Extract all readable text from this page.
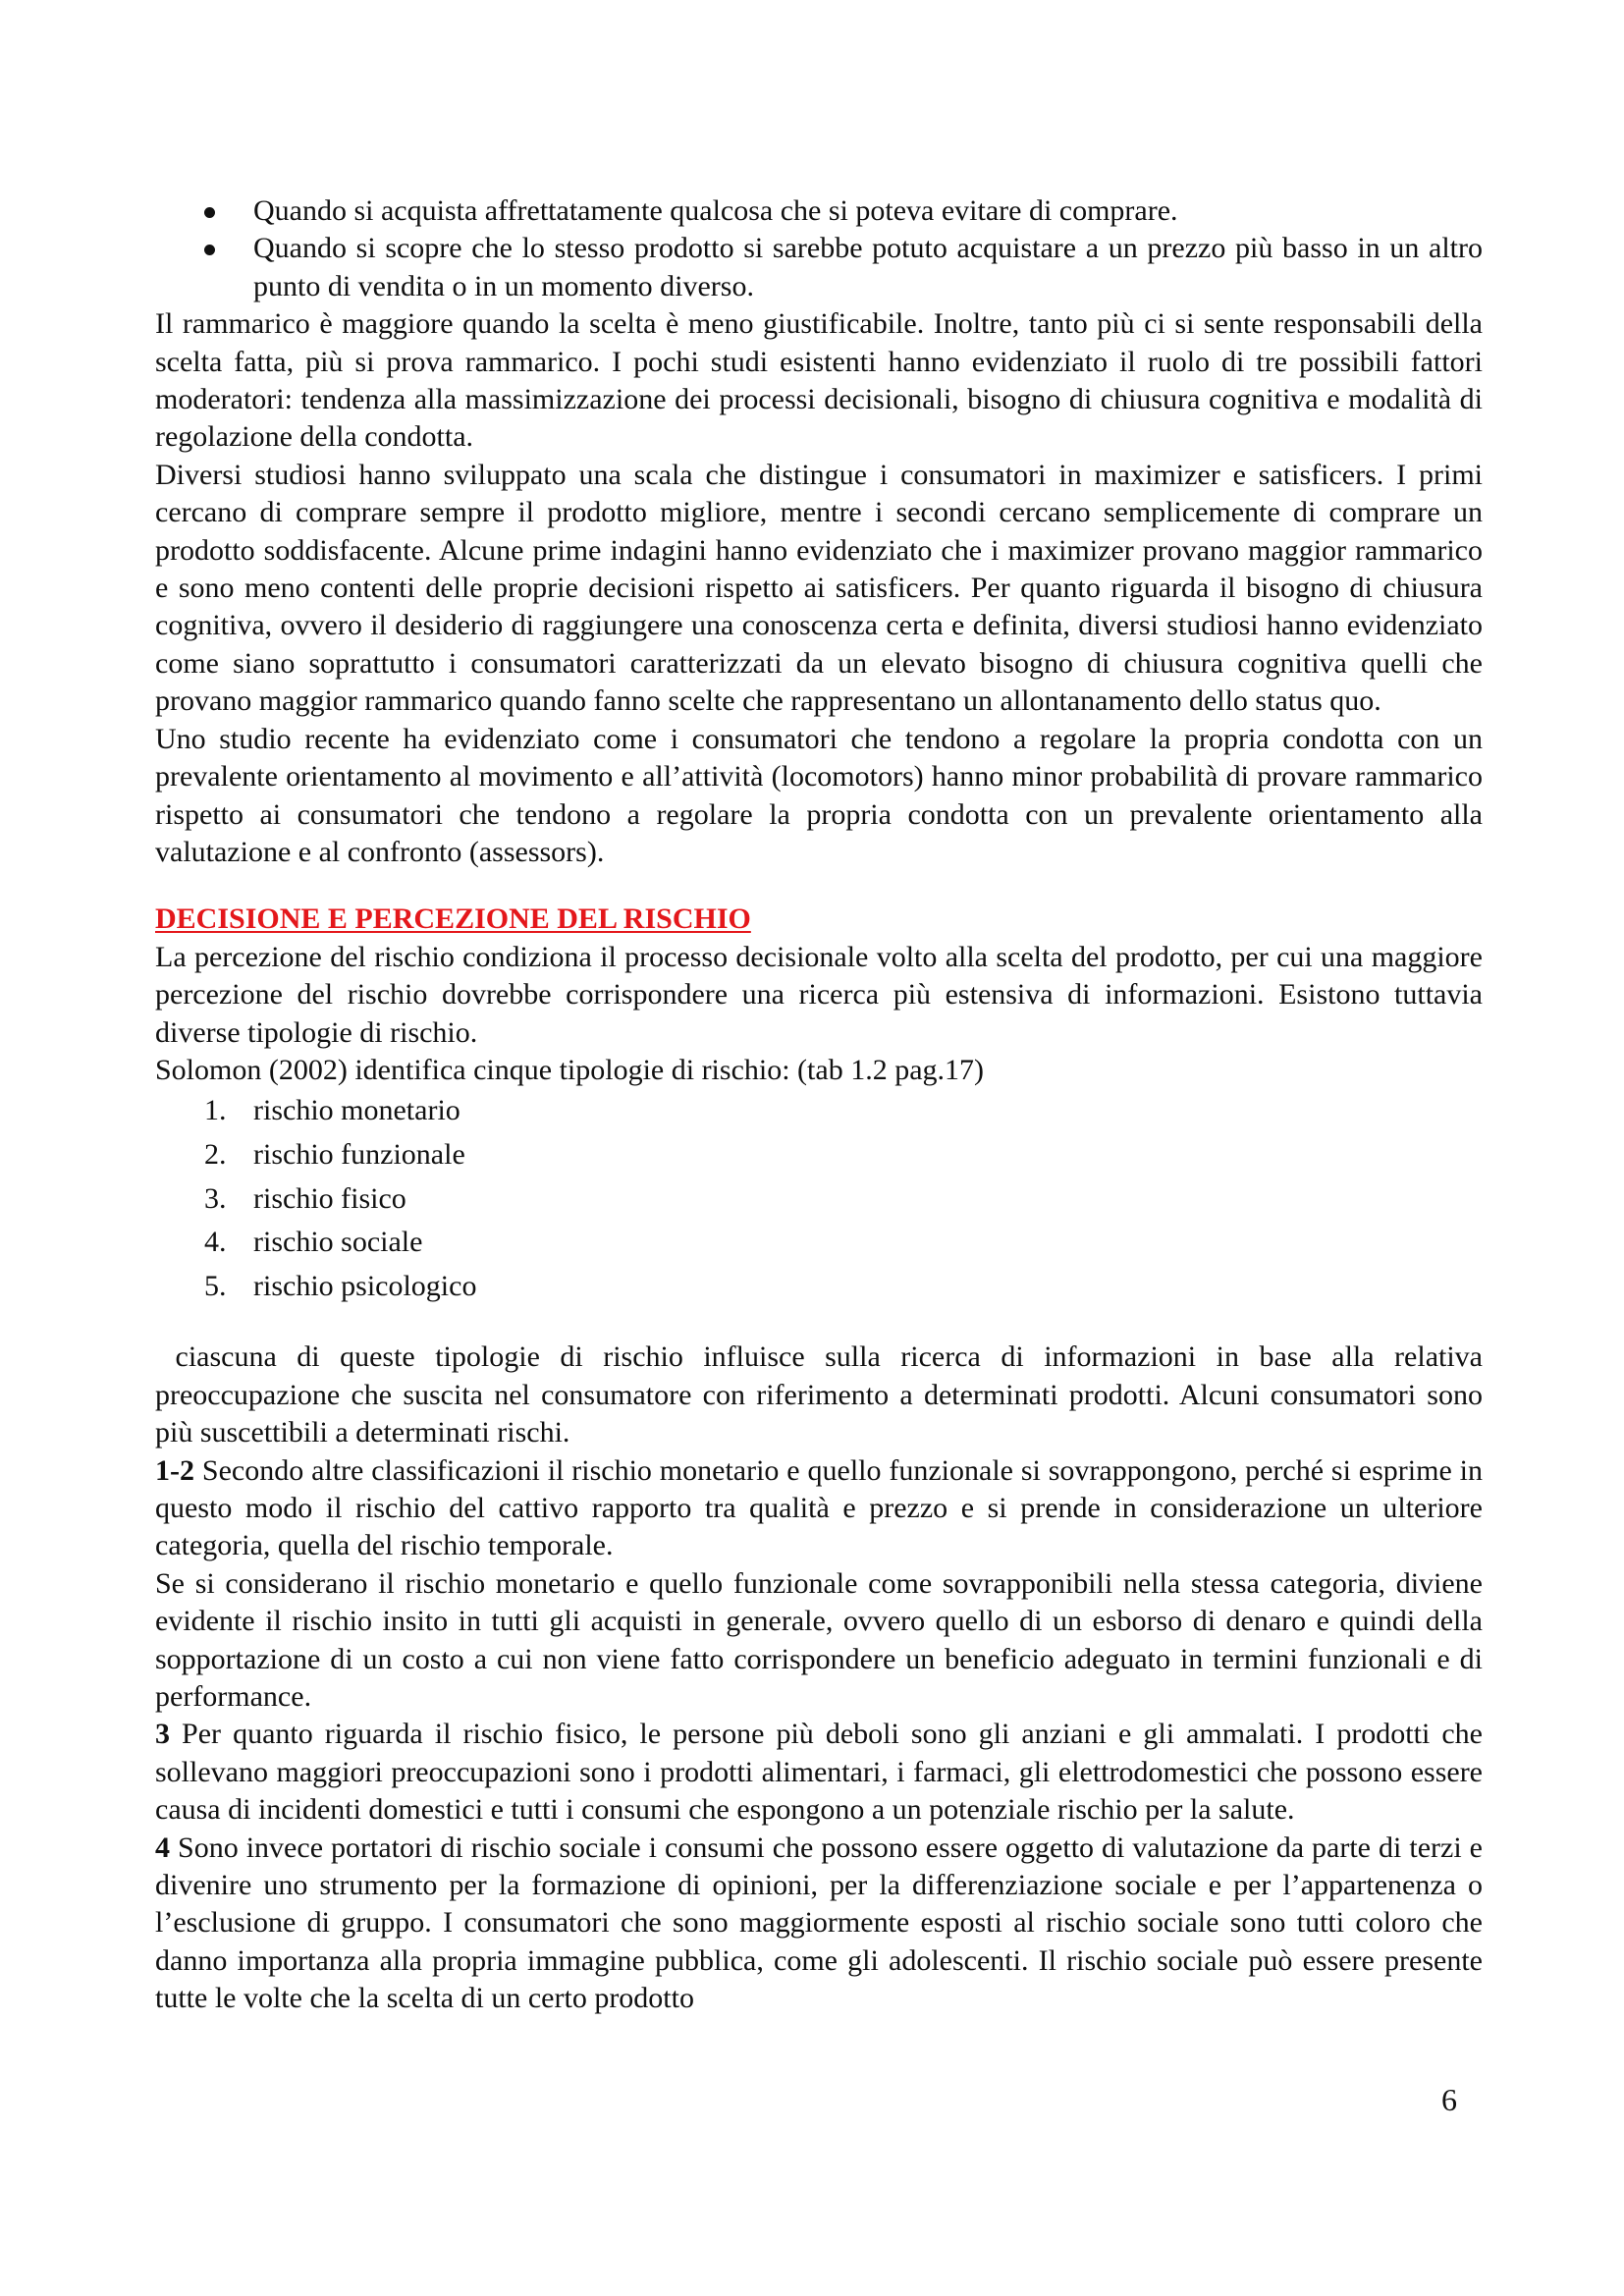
Quando si acquista affrettatamente qualcosa che si poteva evitare di comprare.
Quando si scopre che lo stesso prodotto si sarebbe potuto acquistare a un prezzo più basso in un altro punto di vendita o in un momento diverso.

Il rammarico è maggiore quando la scelta è meno giustificabile. Inoltre, tanto più ci si sente responsabili della scelta fatta, più si prova rammarico. I pochi studi esistenti hanno evidenziato il ruolo di tre possibili fattori moderatori: tendenza alla massimizzazione dei processi decisionali, bisogno di chiusura cognitiva e modalità di regolazione della condotta.

Diversi studiosi hanno sviluppato una scala che distingue i consumatori in maximizer e satisficers. I primi cercano di comprare sempre il prodotto migliore, mentre i secondi cercano semplicemente di comprare un prodotto soddisfacente. Alcune prime indagini hanno evidenziato che i maximizer provano maggior rammarico e sono meno contenti delle proprie decisioni rispetto ai satisficers. Per quanto riguarda il bisogno di chiusura cognitiva, ovvero il desiderio di raggiungere una conoscenza certa e definita, diversi studiosi hanno evidenziato come siano soprattutto i consumatori caratterizzati da un elevato bisogno di chiusura cognitiva quelli che provano maggior rammarico quando fanno scelte che rappresentano un allontanamento dello status quo.

Uno studio recente ha evidenziato come i consumatori che tendono a regolare la propria condotta con un prevalente orientamento al movimento e all’attività (locomotors) hanno minor probabilità di provare rammarico rispetto ai consumatori che tendono a regolare la propria condotta con un prevalente orientamento alla valutazione e al confronto (assessors).

DECISIONE E PERCEZIONE DEL RISCHIO

La percezione del rischio condiziona il processo decisionale volto alla scelta del prodotto, per cui una maggiore percezione del rischio dovrebbe corrispondere una ricerca più estensiva di informazioni. Esistono tuttavia diverse tipologie di rischio.

Solomon (2002) identifica cinque tipologie di rischio: (tab 1.2 pag.17)

1. rischio monetario
2. rischio funzionale
3. rischio fisico
4. rischio sociale
5. rischio psicologico

ciascuna di queste tipologie di rischio influisce sulla ricerca di informazioni in base alla relativa preoccupazione che suscita nel consumatore con riferimento a determinati prodotti. Alcuni consumatori sono più suscettibili a determinati rischi.

1-2 Secondo altre classificazioni il rischio monetario e quello funzionale si sovrappongono, perché si esprime in questo modo il rischio del cattivo rapporto tra qualità e prezzo e si prende in considerazione un ulteriore categoria, quella del rischio temporale.

Se si considerano il rischio monetario e quello funzionale come sovrapponibili nella stessa categoria, diviene evidente il rischio insito in tutti gli acquisti in generale, ovvero quello di un esborso di denaro e quindi della sopportazione di un costo a cui non viene fatto corrispondere un beneficio adeguato in termini funzionali e di performance.

3 Per quanto riguarda il rischio fisico, le persone più deboli sono gli anziani e gli ammalati. I prodotti che sollevano maggiori preoccupazioni sono i prodotti alimentari, i farmaci, gli elettrodomestici che possono essere causa di incidenti domestici e tutti i consumi che espongono a un potenziale rischio per la salute.

4 Sono invece portatori di rischio sociale i consumi che possono essere oggetto di valutazione da parte di terzi e divenire uno strumento per la formazione di opinioni, per la differenziazione sociale e per l’appartenenza o l’esclusione di gruppo. I consumatori che sono maggiormente esposti al rischio sociale sono tutti coloro che danno importanza alla propria immagine pubblica, come gli adolescenti. Il rischio sociale può essere presente tutte le volte che la scelta di un certo prodotto

6
